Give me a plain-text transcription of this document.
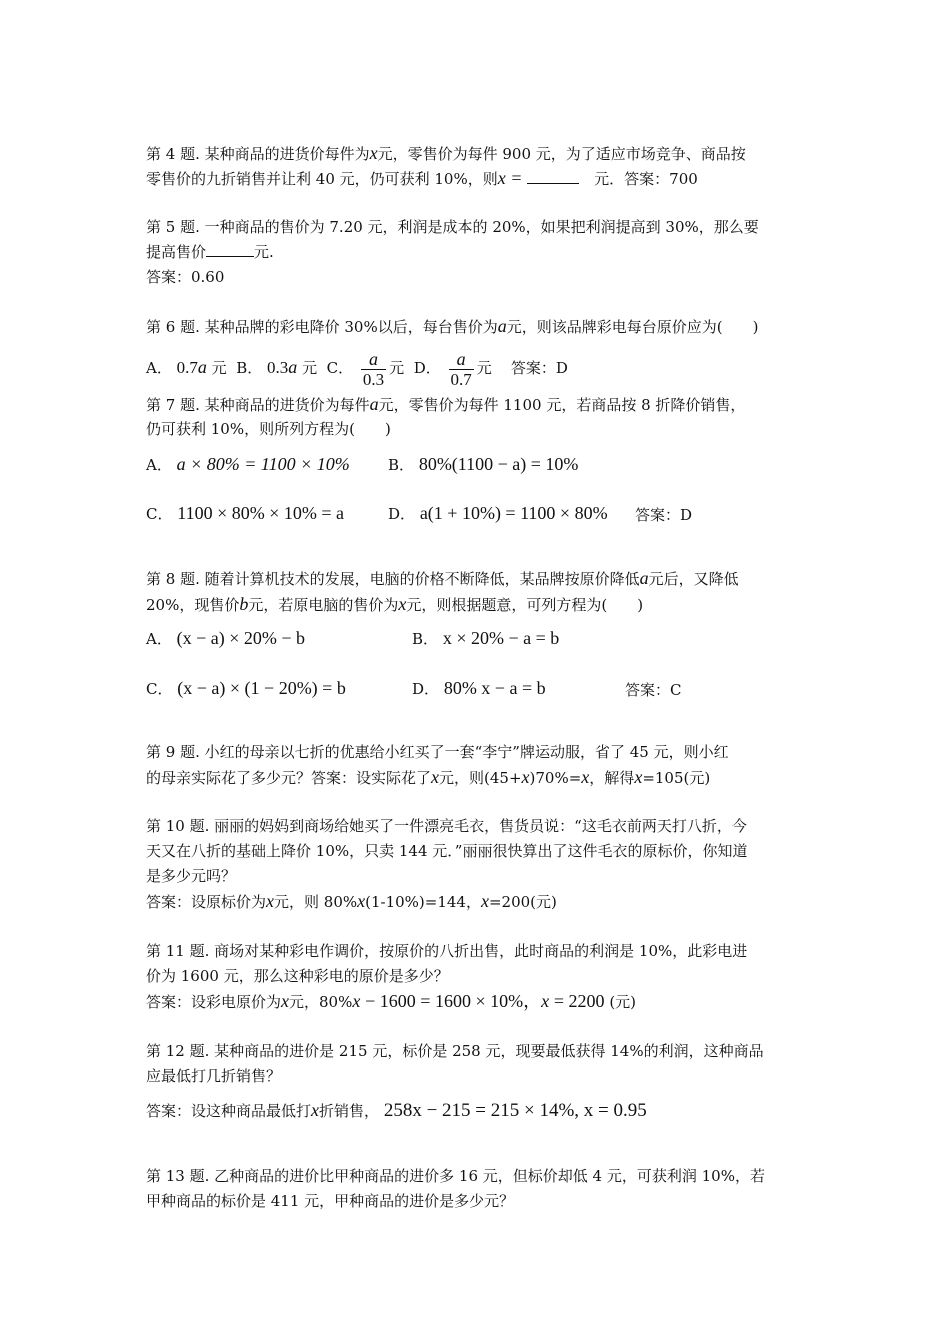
第 4 题. 某种商品的进货价每件为x元，零售价为每件 900 元，为了适应市场竞争、商品按
零售价的九折销售并让利 40 元，仍可获利 10%，则x = 　	元．答案：700
第 5 题. 一种商品的售价为 7.20 元，利润是成本的 20%，如果把利润提高到 30%，那么要
提高售价	元.
答案：0.60
第 6 题. 某种品牌的彩电降价 30%以后，每台售价为a元，则该品牌彩电每台原价应为(　　)
A． 0.7a 元 B． 0.3a 元 C． $\frac{a}{0.3}$ 元 D． $\frac{a}{0.7}$ 元 答案：D
第 7 题. 某种商品的进货价为每件a元，零售价为每件 1100 元，若商品按 8 折降价销售，
仍可获利 10%，则所列方程为(　　)
A． a × 80% = 1100 × 10%	B． 80%(1100 − a) = 10%
C． 1100 × 80% × 10% = a	D． a(1 + 10%) = 1100 × 80% 答案：D
第 8 题. 随着计算机技术的发展，电脑的价格不断降低，某品牌按原价降低a元后，又降低
20%，现售价b元，若原电脑的售价为x元，则根据题意，可列方程为(　　)
A． (x − a) × 20% − b	B． x × 20% − a = b
C． (x − a) × (1 − 20%) = b	D． 80% x − a = b	答案：C
第 9 题. 小红的母亲以七折的优惠给小红买了一套“李宁”牌运动服，省了 45 元，则小红
的母亲实际花了多少元？答案：设实际花了x元，则(45+x)70%=x，解得x=105(元)
第 10 题. 丽丽的妈妈到商场给她买了一件漂亮毛衣，售货员说：“这毛衣前两天打八折，今
天又在八折的基础上降价 10%，只卖 144 元．”丽丽很快算出了这件毛衣的原标价，你知道
是多少元吗？
答案：设原标价为x元，则 80%x(1-10%)=144，x=200(元)
第 11 题. 商场对某种彩电作调价，按原价的八折出售，此时商品的利润是 10%，此彩电进
价为 1600 元，那么这种彩电的原价是多少？
答案：设彩电原价为x元，80%x − 1600 = 1600 × 10%，x = 2200 (元)
第 12 题. 某种商品的进价是 215 元，标价是 258 元，现要最低获得 14%的利润，这种商品
应最低打几折销售？
答案：设这种商品最低打x折销售， 258x − 215 = 215 × 14%, x = 0.95
第 13 题. 乙种商品的进价比甲种商品的进价多 16 元，但标价却低 4 元，可获利润 10%，若
甲种商品的标价是 411 元，甲种商品的进价是多少元？
